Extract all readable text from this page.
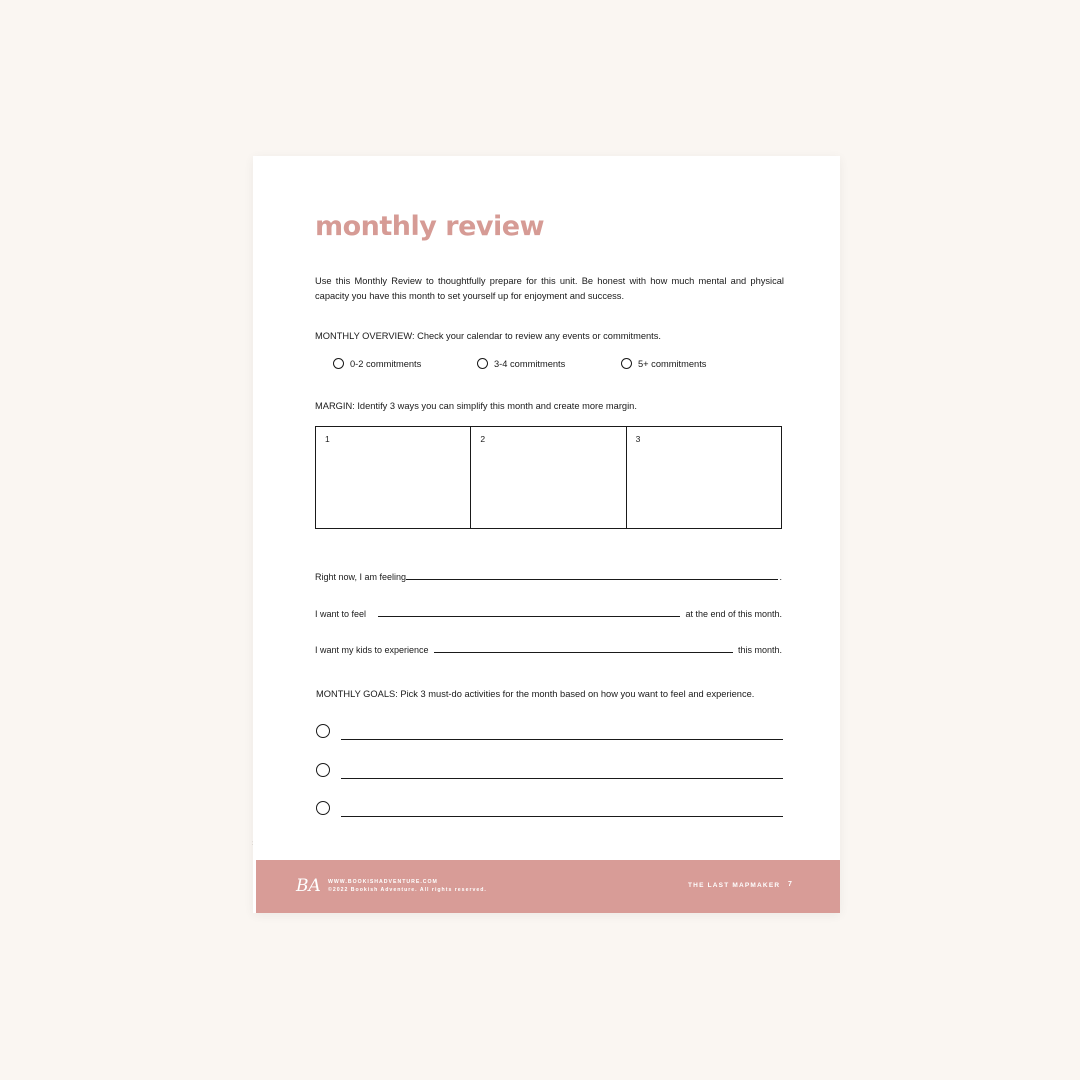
monthly review

Use this Monthly Review to thoughtfully prepare for this unit. Be honest with how much mental and physical capacity you have this month to set yourself up for enjoyment and success.

MONTHLY OVERVIEW: Check your calendar to review any events or commitments.

0-2 commitments	3-4 commitments	5+ commitments

MARGIN: Identify 3 ways you can simplify this month and create more margin.

1	2	3
Right now, I am feeling	.
I want to feel	at the end of this month.
I want my kids to experience	this month.

MONTHLY GOALS: Pick 3 must-do activities for the month based on how you want to feel and experience.

BA WWW.BOOKISHADVENTURE.COM
©2022 Bookish Adventure. All rights reserved.
THE LAST MAPMAKER 7
